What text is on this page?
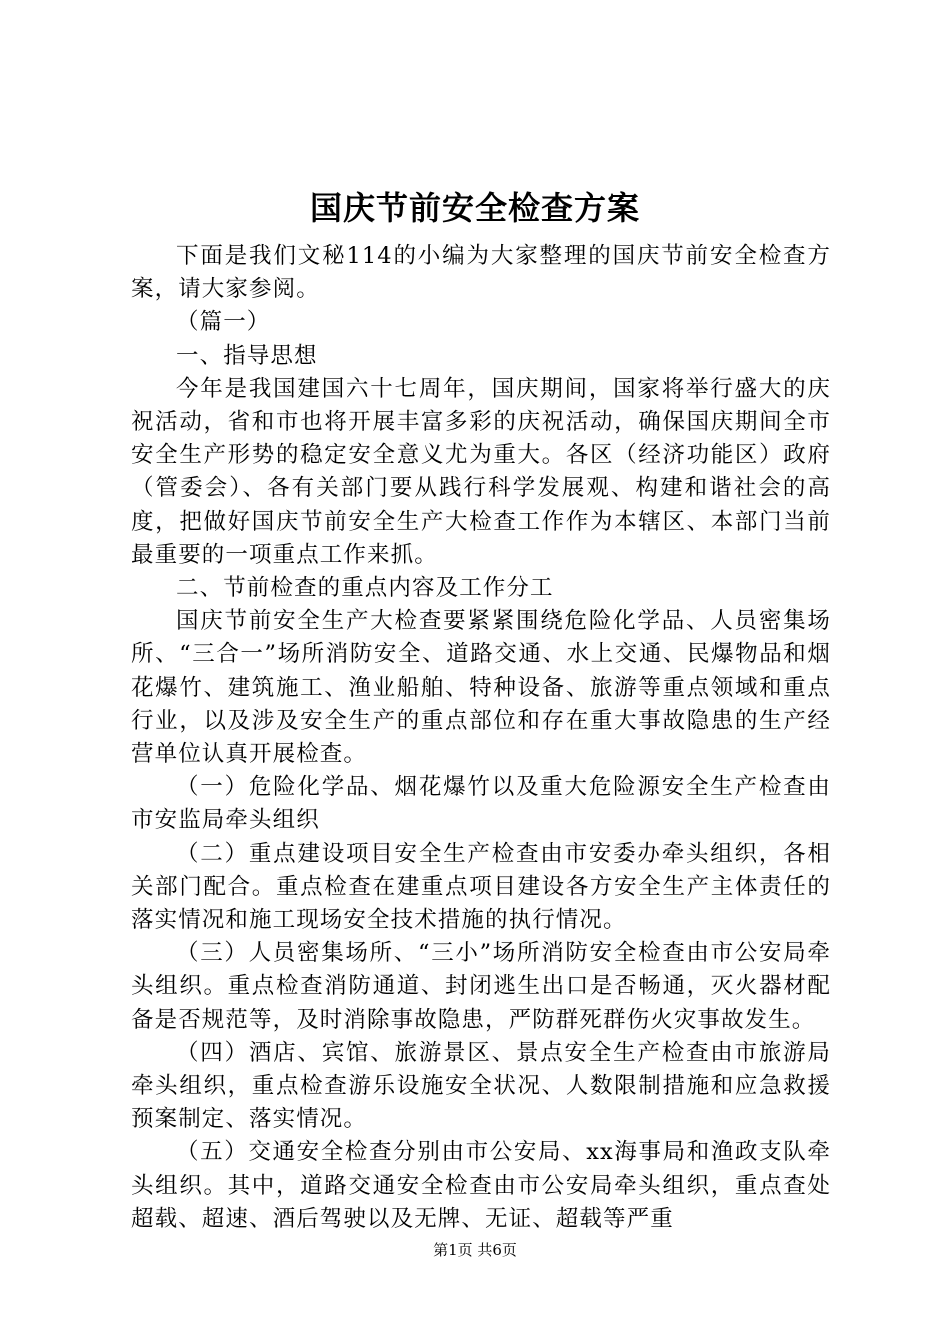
国庆节前安全检查方案

下面是我们文秘114的小编为大家整理的国庆节前安全检查方案，请大家参阅。

（篇一）

一、指导思想

今年是我国建国六十七周年，国庆期间，国家将举行盛大的庆祝活动，省和市也将开展丰富多彩的庆祝活动，确保国庆期间全市安全生产形势的稳定安全意义尤为重大。各区（经济功能区）政府（管委会）、各有关部门要从践行科学发展观、构建和谐社会的高度，把做好国庆节前安全生产大检查工作作为本辖区、本部门当前最重要的一项重点工作来抓。

二、节前检查的重点内容及工作分工

国庆节前安全生产大检查要紧紧围绕危险化学品、人员密集场所、“三合一”场所消防安全、道路交通、水上交通、民爆物品和烟花爆竹、建筑施工、渔业船舶、特种设备、旅游等重点领域和重点行业，以及涉及安全生产的重点部位和存在重大事故隐患的生产经营单位认真开展检查。

（一）危险化学品、烟花爆竹以及重大危险源安全生产检查由市安监局牵头组织

（二）重点建设项目安全生产检查由市安委办牵头组织，各相关部门配合。重点检查在建重点项目建设各方安全生产主体责任的落实情况和施工现场安全技术措施的执行情况。

（三）人员密集场所、“三小”场所消防安全检查由市公安局牵头组织。重点检查消防通道、封闭逃生出口是否畅通，灭火器材配备是否规范等，及时消除事故隐患，严防群死群伤火灾事故发生。

（四）酒店、宾馆、旅游景区、景点安全生产检查由市旅游局牵头组织，重点检查游乐设施安全状况、人数限制措施和应急救援预案制定、落实情况。

（五）交通安全检查分别由市公安局、xx海事局和渔政支队牵头组织。其中，道路交通安全检查由市公安局牵头组织，重点查处超载、超速、酒后驾驶以及无牌、无证、超载等严重

第1页 共6页
